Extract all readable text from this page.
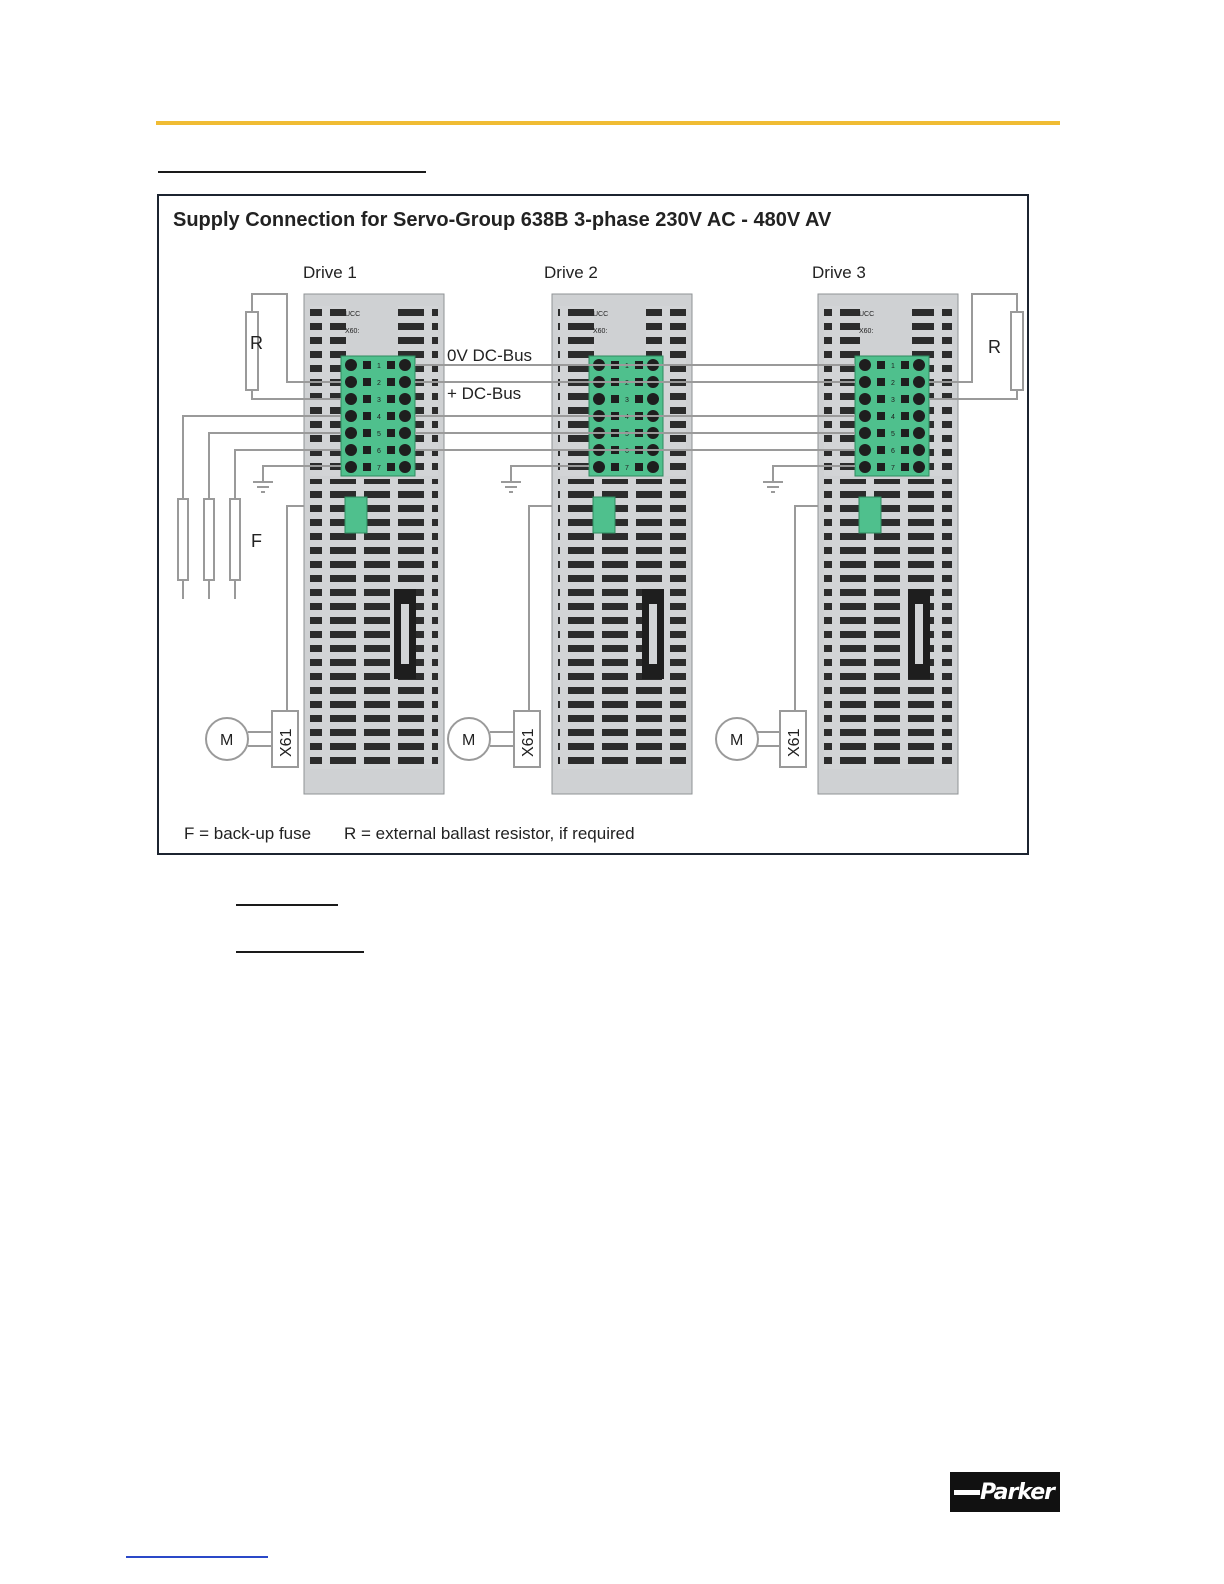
Supply Connection for Servo-Group 638B 3-phase 230V AC - 480V AV
Drive 1	Drive 2	Drive 3
UCC
X60:
UCC
X60:
UCC
X60:
1
2
3
4
5
6
7
1
2
3
4
5
6
7
1
2
3
4
5
6
7
R	R
F
0V DC-Bus
+ DC-Bus
M	X61	M	X61	M	X61
F = back-up fuse R = external ballast resistor, if required
Parker
